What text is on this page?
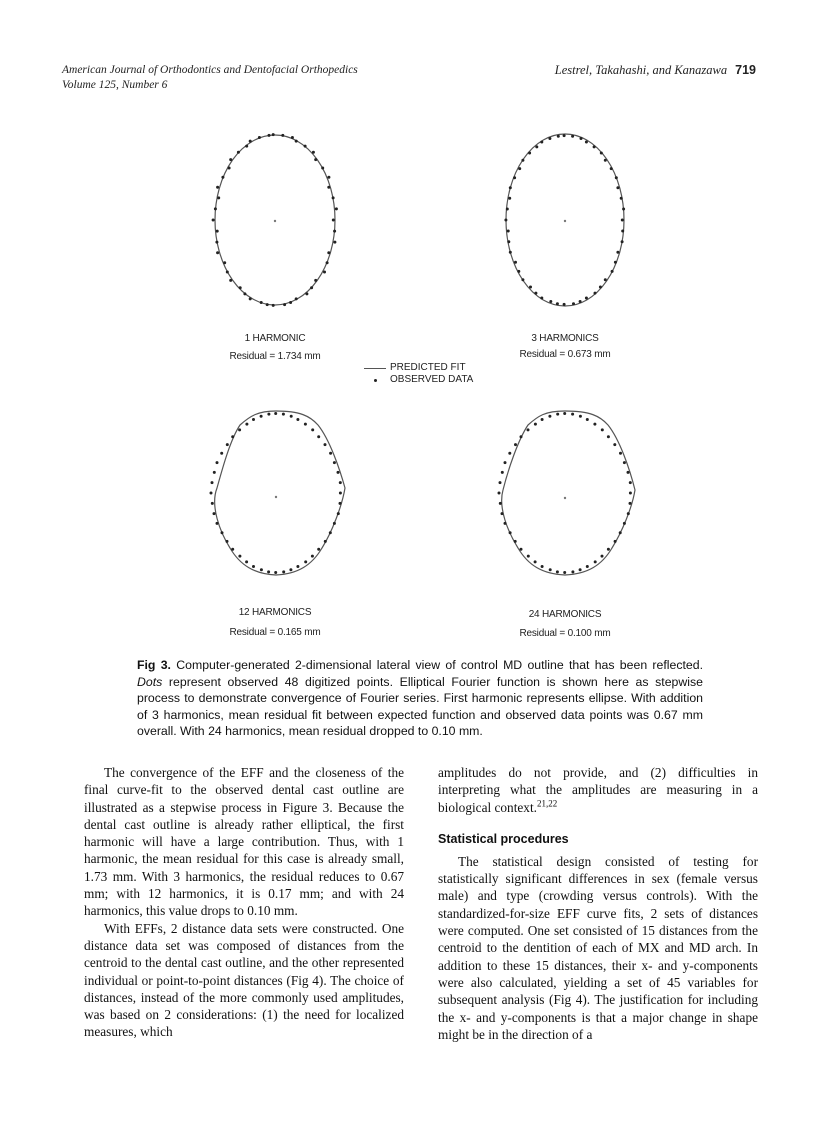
American Journal of Orthodontics and Dentofacial Orthopedics
Volume 125, Number 6
Lestrel, Takahashi, and Kanazawa 719
1 HARMONIC
Residual = 1.734 mm
3 HARMONICS
Residual = 0.673 mm
12 HARMONICS
Residual = 0.165 mm
24 HARMONICS
Residual = 0.100 mm
PREDICTED FIT
OBSERVED DATA
Fig 3. Computer-generated 2-dimensional lateral view of control MD outline that has been reflected. Dots represent observed 48 digitized points. Elliptical Fourier function is shown here as stepwise process to demonstrate convergence of Fourier series. First harmonic represents ellipse. With addition of 3 harmonics, mean residual fit between expected function and observed data points was 0.67 mm overall. With 24 harmonics, mean residual dropped to 0.10 mm.

The convergence of the EFF and the closeness of the final curve-fit to the observed dental cast outline are illustrated as a stepwise process in Figure 3. Because the dental cast outline is already rather elliptical, the first harmonic will have a large contribution. Thus, with 1 harmonic, the mean residual for this case is already small, 1.73 mm. With 3 harmonics, the residual reduces to 0.67 mm; with 12 harmonics, it is 0.17 mm; and with 24 harmonics, this value drops to 0.10 mm.

With EFFs, 2 distance data sets were constructed. One distance data set was composed of distances from the centroid to the dental cast outline, and the other represented individual or point-to-point distances (Fig 4). The choice of distances, instead of the more commonly used amplitudes, was based on 2 considerations: (1) the need for localized measures, which

amplitudes do not provide, and (2) difficulties in interpreting what the amplitudes are measuring in a biological context.$^{21,22}$

Statistical procedures

The statistical design consisted of testing for statistically significant differences in sex (female versus male) and type (crowding versus controls). With the standardized-for-size EFF curve fits, 2 sets of distances were computed. One set consisted of 15 distances from the centroid to the dentition of each of MX and MD arch. In addition to these 15 distances, their x- and y-components were also calculated, yielding a set of 45 variables for subsequent analysis (Fig 4). The justification for including the x- and y-components is that a major change in shape might be in the direction of a
